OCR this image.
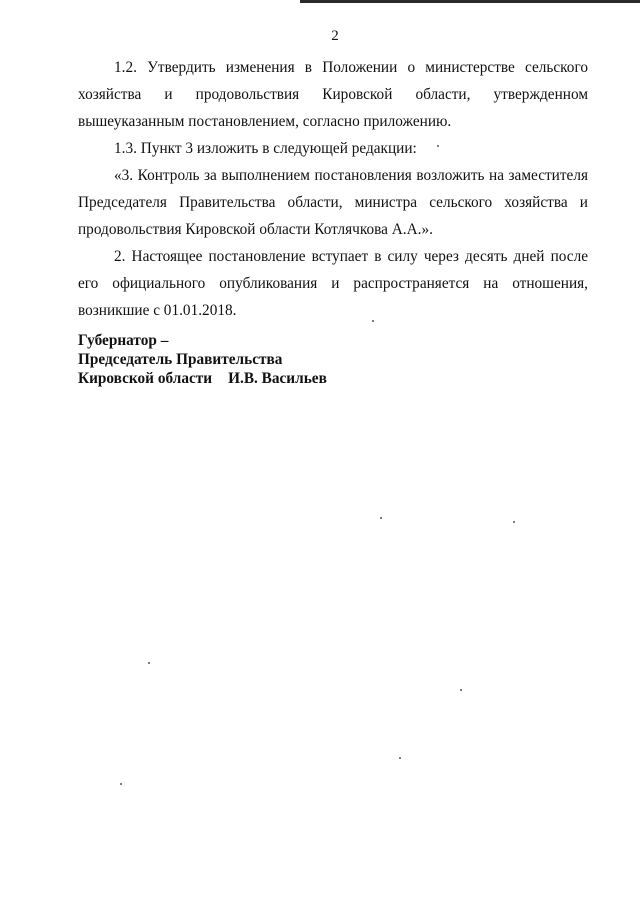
2

1.2. Утвердить изменения в Положении о министерстве сельского хозяйства и продовольствия Кировской области, утвержденном вышеуказанным постановлением, согласно приложению.

1.3. Пункт 3 изложить в следующей редакции:

«3. Контроль за выполнением постановления возложить на заместителя Председателя Правительства области, министра сельского хозяйства и продовольствия Кировской области Котлячкова А.А.».

2. Настоящее постановление вступает в силу через десять дней после его официального опубликования и распространяется на отношения, возникшие с 01.01.2018.

Губернатор –
Председатель Правительства
Кировской области И.В. Васильев
